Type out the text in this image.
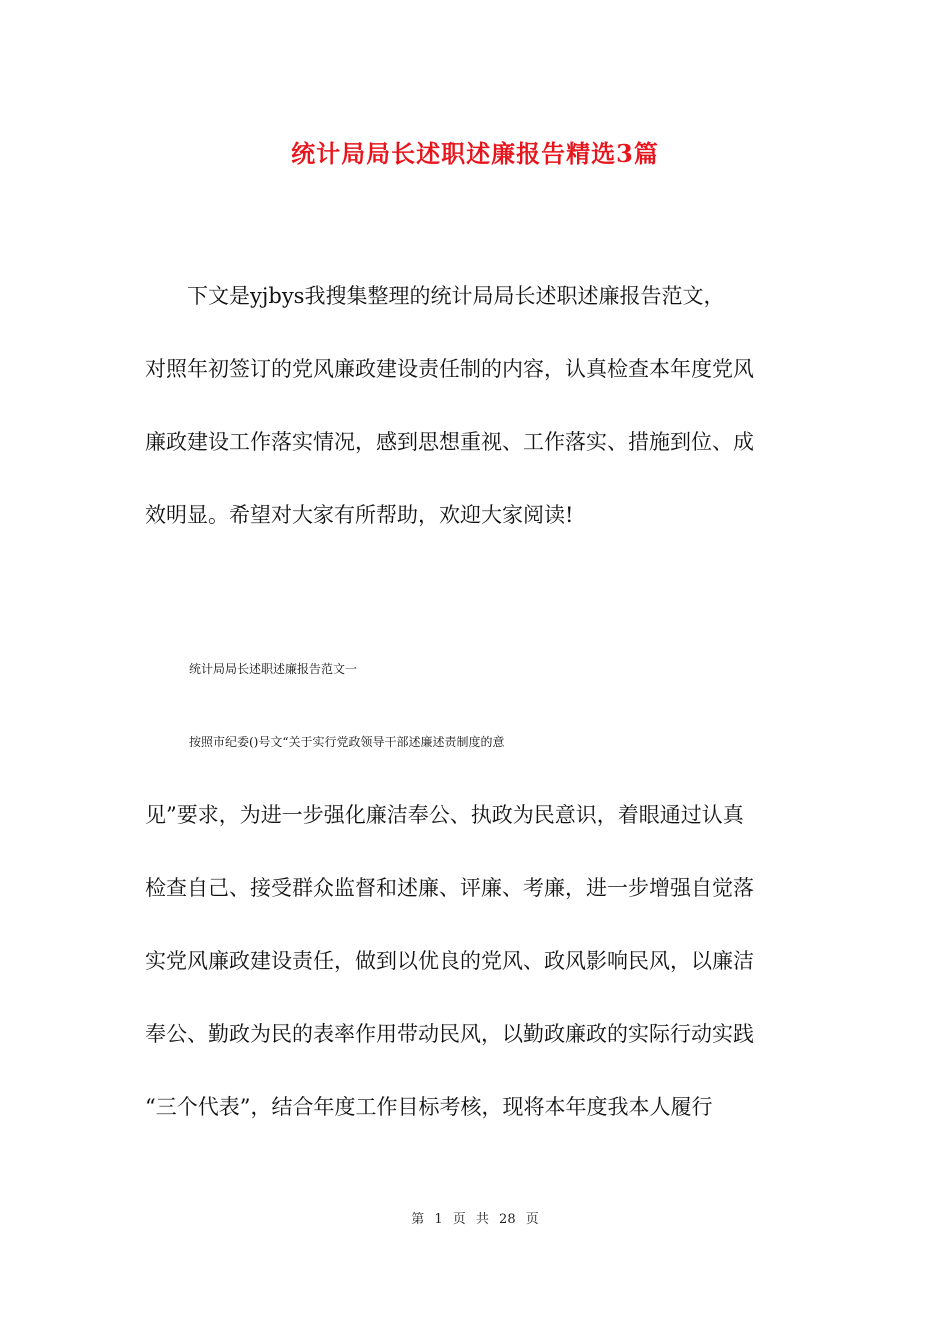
统计局局长述职述廉报告精选3篇

　　下文是yjbys我搜集整理的统计局局长述职述廉报告范文，

对照年初签订的党风廉政建设责任制的内容，认真检查本年度党风

廉政建设工作落实情况，感到思想重视、工作落实、措施到位、成

效明显。希望对大家有所帮助，欢迎大家阅读!

统计局局长述职述廉报告范文一

按照市纪委()号文“关于实行党政领导干部述廉述责制度的意

见”要求，为进一步强化廉洁奉公、执政为民意识，着眼通过认真

检查自己、接受群众监督和述廉、评廉、考廉，进一步增强自觉落

实党风廉政建设责任，做到以优良的党风、政风影响民风，以廉洁

奉公、勤政为民的表率作用带动民风，以勤政廉政的实际行动实践

“三个代表”，结合年度工作目标考核，现将本年度我本人履行

第 1 页 共 28 页
